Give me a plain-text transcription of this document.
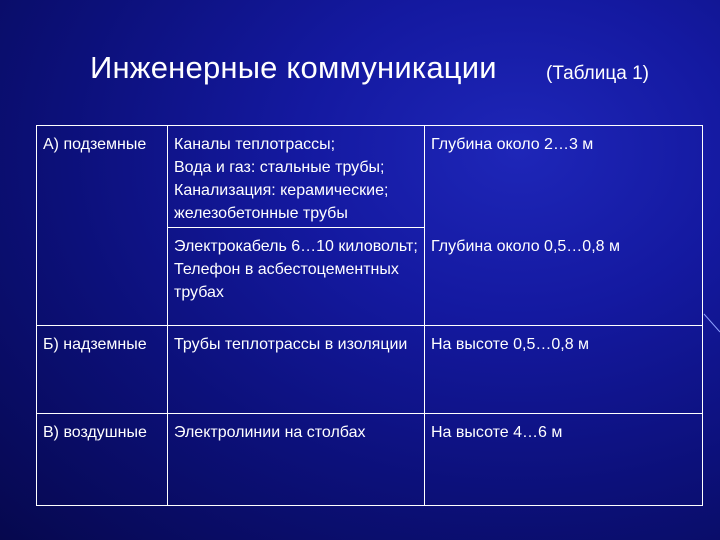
Инженерные коммуникации	(Таблица 1)
А) подземные	Каналы теплотрассы;
Вода и газ: стальные трубы;
Канализация: керамические; железобетонные трубы	Глубина около 2…3 м

	Электрокабель 6…10 киловольт;
Телефон в асбестоцементных трубах	Глубина около 0,5…0,8 м
Б) надземные	Трубы теплотрассы в изоляции	На высоте 0,5…0,8 м
В) воздушные	Электролинии на столбах	На высоте 4…6 м
